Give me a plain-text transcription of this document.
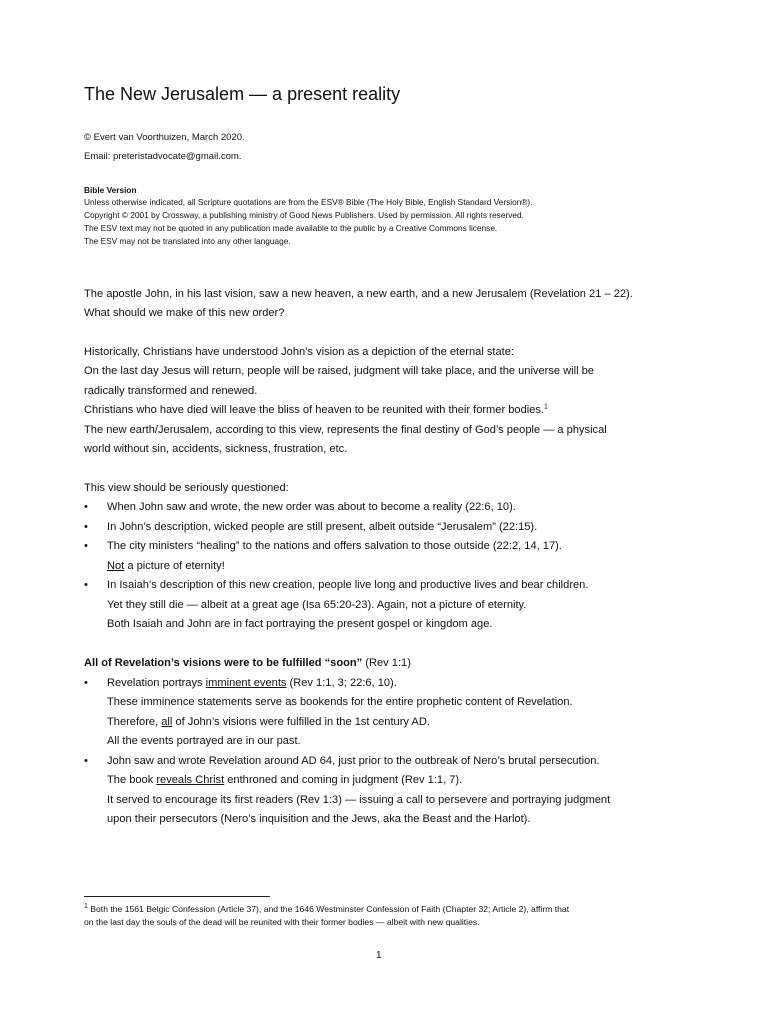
The New Jerusalem — a present reality
© Evert van Voorthuizen, March 2020.
Email: preteristadvocate@gmail.com.
Bible Version
Unless otherwise indicated, all Scripture quotations are from the ESV® Bible (The Holy Bible, English Standard Version®).
Copyright © 2001 by Crossway, a publishing ministry of Good News Publishers. Used by permission. All rights reserved.
The ESV text may not be quoted in any publication made available to the public by a Creative Commons license.
The ESV may not be translated into any other language.
The apostle John, in his last vision, saw a new heaven, a new earth, and a new Jerusalem (Revelation 21 – 22).
What should we make of this new order?
Historically, Christians have understood John’s vision as a depiction of the eternal state:
On the last day Jesus will return, people will be raised, judgment will take place, and the universe will be
radically transformed and renewed.
Christians who have died will leave the bliss of heaven to be reunited with their former bodies.$^1$
The new earth/Jerusalem, according to this view, represents the final destiny of God’s people — a physical
world without sin, accidents, sickness, frustration, etc.
This view should be seriously questioned:
• When John saw and wrote, the new order was about to become a reality (22:6, 10).
• In John’s description, wicked people are still present, albeit outside “Jerusalem” (22:15).
• The city ministers “healing” to the nations and offers salvation to those outside (22:2, 14, 17).
Not a picture of eternity!
• In Isaiah’s description of this new creation, people live long and productive lives and bear children.
Yet they still die — albeit at a great age (Isa 65:20-23). Again, not a picture of eternity.
Both Isaiah and John are in fact portraying the present gospel or kingdom age.
All of Revelation’s visions were to be fulfilled “soon” (Rev 1:1)
• Revelation portrays imminent events (Rev 1:1, 3; 22:6, 10).
These imminence statements serve as bookends for the entire prophetic content of Revelation.
Therefore, all of John’s visions were fulfilled in the 1st century AD.
All the events portrayed are in our past.
• John saw and wrote Revelation around AD 64, just prior to the outbreak of Nero’s brutal persecution.
The book reveals Christ enthroned and coming in judgment (Rev 1:1, 7).
It served to encourage its first readers (Rev 1:3) — issuing a call to persevere and portraying judgment
upon their persecutors (Nero’s inquisition and the Jews, aka the Beast and the Harlot).
$^1$ Both the 1561 Belgic Confession (Article 37), and the 1646 Westminster Confession of Faith (Chapter 32; Article 2), affirm that
on the last day the souls of the dead will be reunited with their former bodies — albeit with new qualities.
1
